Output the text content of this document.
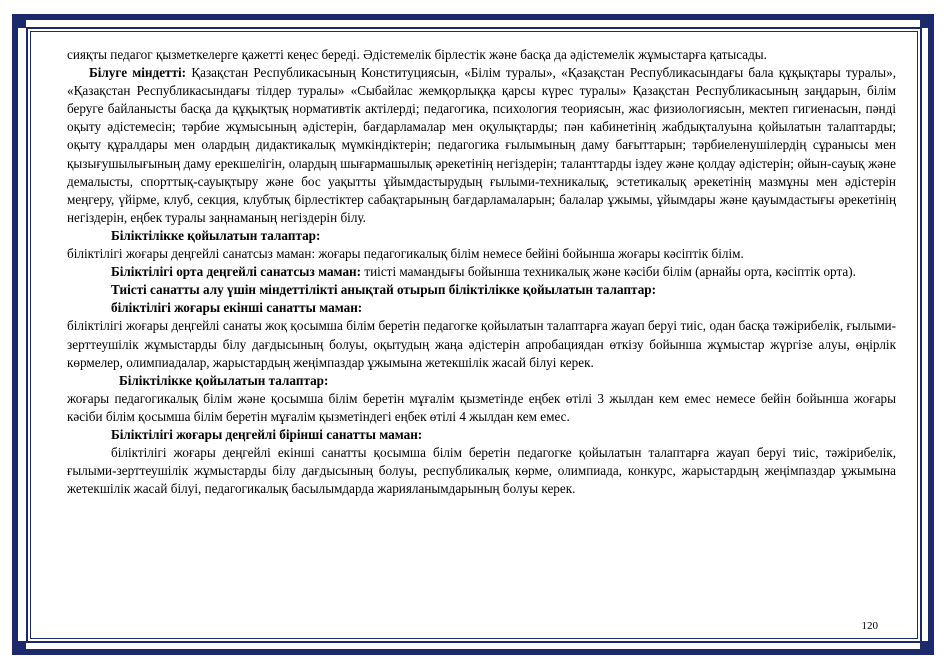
сияқты педагог қызметкелерге қажетті кеңес береді. Әдістемелік бірлестік және басқа да әдістемелік жұмыстарға қатысады.

Білуге міндетті: Қазақстан Республикасының Конституциясын, «Білім туралы», «Қазақстан Республикасындағы бала құқықтары туралы», «Қазақстан Республикасындағы тілдер туралы» «Сыбайлас жемқорлыққа қарсы күрес туралы» Қазақстан Республикасының заңдарын, білім беруге байланысты басқа да құқықтық нормативтік актілерді; педагогика, психология теориясын, жас физиологиясын, мектеп гигиенасын, пәнді оқыту әдістемесін; тәрбие жұмысының әдістерін, бағдарламалар мен оқулықтарды; пән кабинетінің жабдықталуына қойылатын талаптарды; оқыту құралдары мен олардың дидактикалық мүмкіндіктерін; педагогика ғылымының даму бағыттарын; тәрбиеленушілердің сұранысы мен қызығушылығының даму ерекшелігін, олардың шығармашылық әрекетінің негіздерін; таланттарды іздеу және қолдау әдістерін; ойын-сауық және демалысты, спорттық-сауықтыру және бос уақытты ұйымдастырудың ғылыми-техникалық, эстетикалық әрекетінің мазмұны мен әдістерін меңгеру, үйірме, клуб, секция, клубтық бірлестіктер сабақтарының бағдарламаларын; балалар ұжымы, ұйымдары және қауымдастығы әрекетінің негіздерін, еңбек туралы заңнаманың негіздерін білу.

Біліктілікке қойылатын талаптар:

біліктілігі жоғары деңгейлі санатсыз маман: жоғары педагогикалық білім немесе бейіні бойынша жоғары кәсіптік білім.

Біліктілігі орта деңгейлі санатсыз маман: тиісті мамандығы бойынша техникалық және кәсіби білім (арнайы орта, кәсіптік орта).

Тиісті санатты алу үшін міндеттілікті анықтай отырып біліктілікке қойылатын талаптар:

біліктілігі жоғары екінші санатты маман:

біліктілігі жоғары деңгейлі санаты жоқ қосымша білім беретін педагогке қойылатын талаптарға жауап беруі тиіс, одан басқа тәжірибелік, ғылыми-зерттеушілік жұмыстарды білу дағдысының болуы, оқытудың жаңа әдістерін апробациядан өткізу бойынша жұмыстар жүргізе алуы, өңірлік көрмелер, олимпиадалар, жарыстардың жеңімпаздар ұжымына жетекшілік жасай білуі керек.

Біліктілікке қойылатын талаптар:

жоғары педагогикалық білім және қосымша білім беретін мұғалім қызметінде еңбек өтілі 3 жылдан кем емес немесе бейін бойынша жоғары кәсіби білім қосымша білім беретін мұғалім қызметіндегі еңбек өтілі 4 жылдан кем емес.

Біліктілігі жоғары деңгейлі бірінші санатты маман:

біліктілігі жоғары деңгейлі екінші санатты қосымша білім беретін педагогке қойылатын талаптарға жауап беруі тиіс, тәжірибелік, ғылыми-зерттеушілік жұмыстарды білу дағдысының болуы, республикалық көрме, олимпиада, конкурс, жарыстардың жеңімпаздар ұжымына жетекшілік жасай білуі, педагогикалық басылымдарда жарияланымдарының болуы керек.

120
